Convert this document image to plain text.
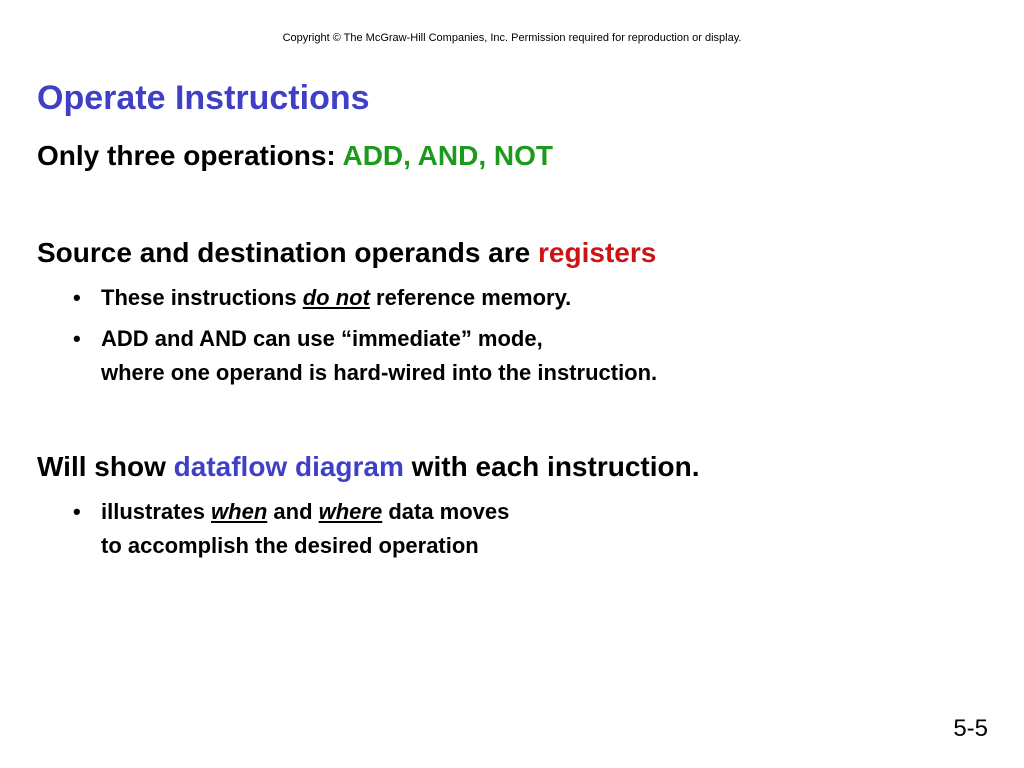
Copyright © The McGraw-Hill Companies, Inc. Permission required for reproduction or display.
Operate Instructions
Only three operations: ADD, AND, NOT
Source and destination operands are registers
• These instructions do not reference memory.
• ADD and AND can use “immediate” mode,
where one operand is hard-wired into the instruction.
Will show dataflow diagram with each instruction.
• illustrates when and where data moves
to accomplish the desired operation
5-5
